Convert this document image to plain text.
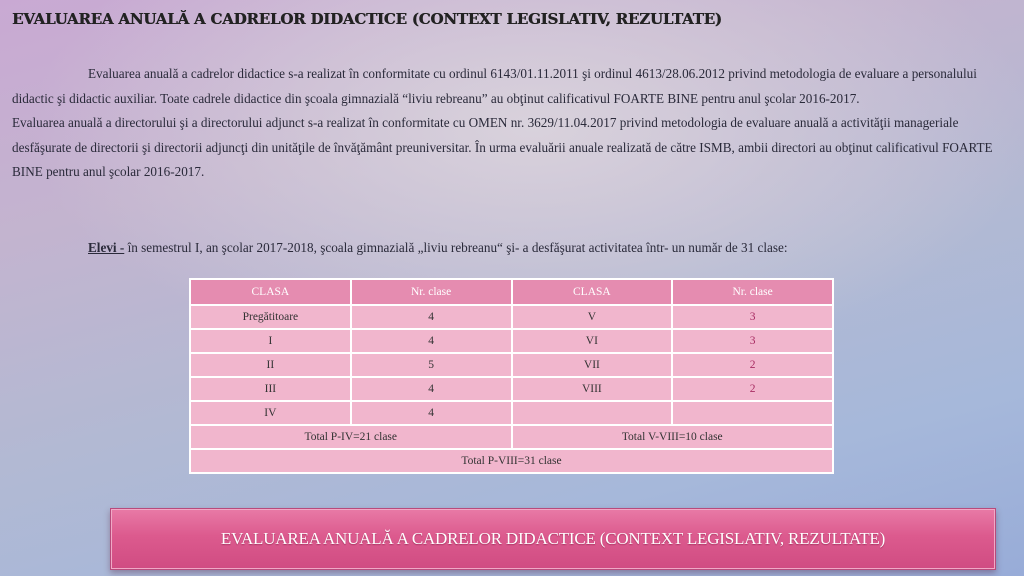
EVALUAREA ANUALĂ A CADRELOR DIDACTICE (CONTEXT LEGISLATIV, REZULTATE)

Evaluarea anuală a cadrelor didactice s-a realizat în conformitate cu ordinul 6143/01.11.2011 şi ordinul 4613/28.06.2012 privind metodologia de evaluare a personalului didactic şi didactic auxiliar. Toate cadrele didactice din şcoala gimnazială “liviu rebreanu” au obţinut calificativul FOARTE BINE pentru anul şcolar 2016-2017.

Evaluarea anuală a directorului şi a directorului adjunct s-a realizat în conformitate cu OMEN nr. 3629/11.04.2017 privind metodologia de evaluare anuală a activităţii manageriale desfăşurate de directorii şi directorii adjuncţi din unităţile de învăţământ preuniversitar. În urma evaluării anuale realizată de către ISMB, ambii directori au obţinut calificativul FOARTE BINE pentru anul şcolar 2016-2017.

Elevi - în semestrul I, an şcolar 2017-2018, şcoala gimnazială „liviu rebreanu“ şi- a desfăşurat activitatea într- un număr de 31 clase:
CLASA	Nr. clase	CLASA	Nr. clase
Pregătitoare	4	V	3
I	4	VI	3
II	5	VII	2
III	4	VIII	2
IV	4		
Total P-IV=21 clase		Total V-VIII=10 clase	
Total P-VIII=31 clase			
EVALUAREA ANUALĂ A CADRELOR DIDACTICE (CONTEXT LEGISLATIV, REZULTATE)
